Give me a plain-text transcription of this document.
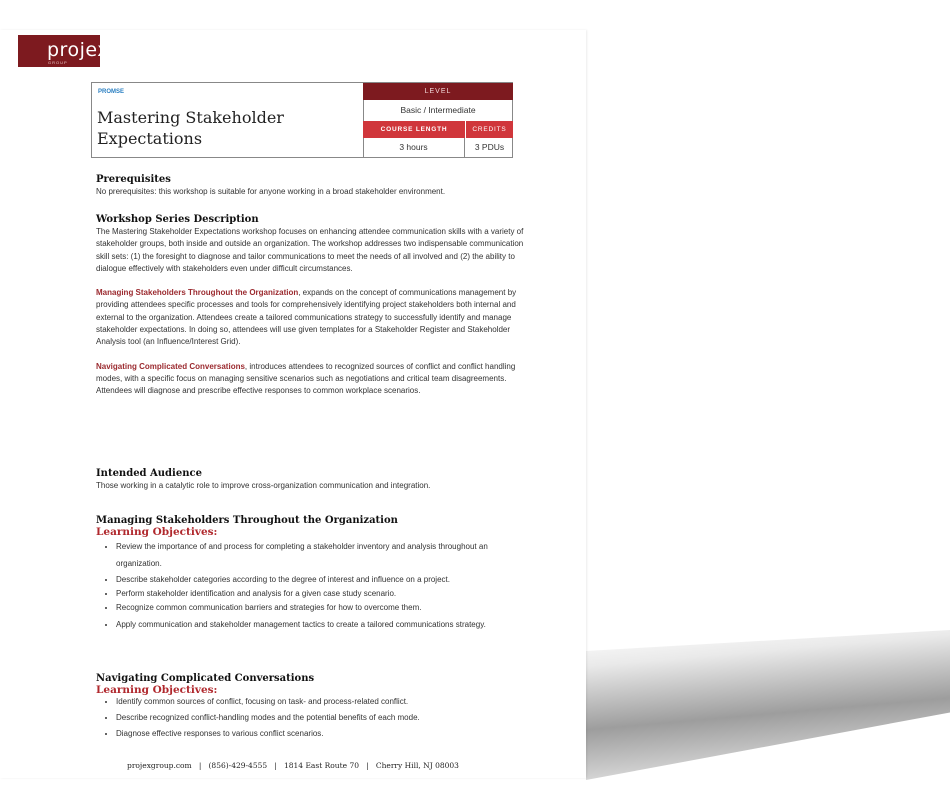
projex
GROUP
PROMSE
Mastering Stakeholder Expectations
LEVEL
Basic / Intermediate
COURSE LENGTH	CREDITS
3 hours	3 PDUs
Prerequisites
No prerequisites: this workshop is suitable for anyone working in a broad stakeholder environment.
Workshop Series Description
The Mastering Stakeholder Expectations workshop focuses on enhancing attendee communication skills with a variety of stakeholder groups, both inside and outside an organization. The workshop addresses two indispensable communication skill sets: (1) the foresight to diagnose and tailor communications to meet the needs of all involved and (2) the ability to dialogue effectively with stakeholders even under difficult circumstances.
Managing Stakeholders Throughout the Organization, expands on the concept of communications management by providing attendees specific processes and tools for comprehensively identifying project stakeholders both internal and external to the organization. Attendees create a tailored communications strategy to successfully identify and manage stakeholder expectations. In doing so, attendees will use given templates for a Stakeholder Register and Stakeholder Analysis tool (an Influence/Interest Grid).
Navigating Complicated Conversations, introduces attendees to recognized sources of conflict and conflict handling modes, with a specific focus on managing sensitive scenarios such as negotiations and critical team disagreements. Attendees will diagnose and prescribe effective responses to common workplace scenarios.
Intended Audience
Those working in a catalytic role to improve cross-organization communication and integration.
Managing Stakeholders Throughout the Organization
Learning Objectives:
• Review the importance of and process for completing a stakeholder inventory and analysis throughout an organization.
• Describe stakeholder categories according to the degree of interest and influence on a project.
• Perform stakeholder identification and analysis for a given case study scenario.
• Recognize common communication barriers and strategies for how to overcome them.
• Apply communication and stakeholder management tactics to create a tailored communications strategy.
Navigating Complicated Conversations
Learning Objectives:
• Identify common sources of conflict, focusing on task- and process-related conflict.
• Describe recognized conflict-handling modes and the potential benefits of each mode.
• Diagnose effective responses to various conflict scenarios.
projexgroup.com   |   (856)-429-4555   |   1814 East Route 70   |   Cherry Hill, NJ 08003
